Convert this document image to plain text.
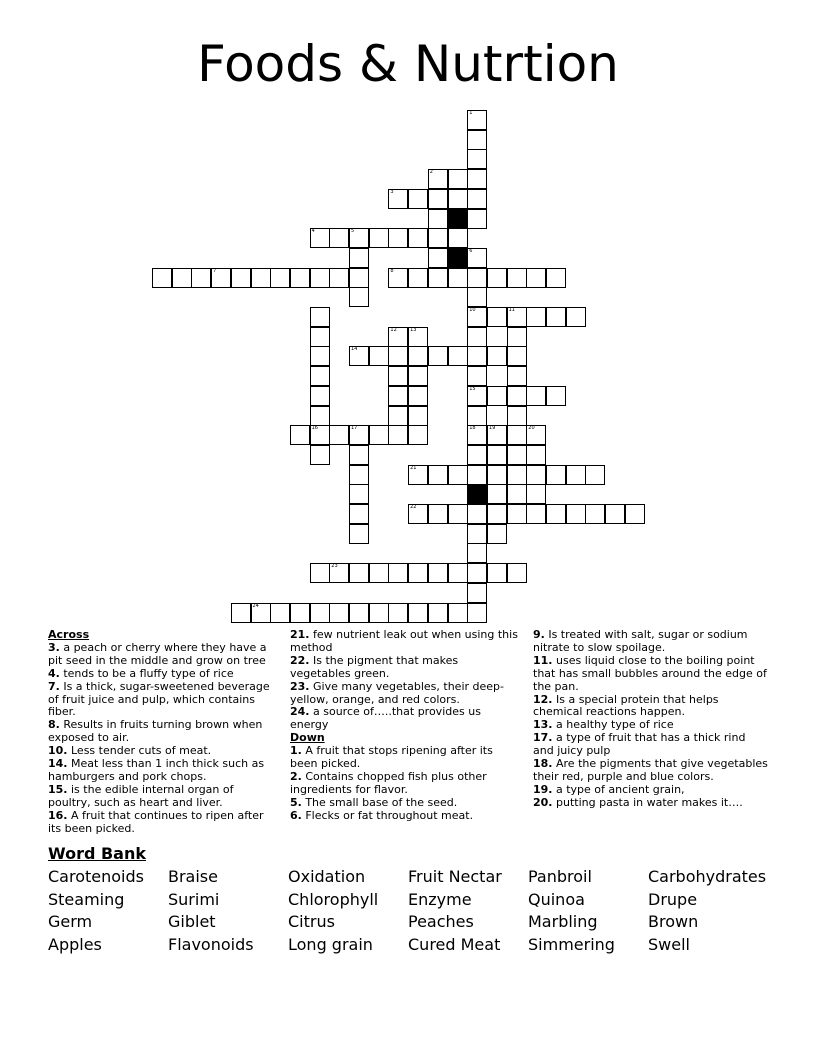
Foods & Nutrtion
1
2
3
4	5
6
7	8
10	11
12	13
14
15
16	17	18	19	20
21
22
23
24
Across
3. a peach or cherry where they have a pit seed in the middle and grow on tree
4. tends to be a fluffy type of rice
7. Is a thick, sugar-sweetened beverage of fruit juice and pulp, which contains fiber.
8. Results in fruits turning brown when exposed to air.
10. Less tender cuts of meat.
14. Meat less than 1 inch thick such as hamburgers and pork chops.
15. is the edible internal organ of poultry, such as heart and liver.
16. A fruit that continues to ripen after its been picked.
21. few nutrient leak out when using this method
22. Is the pigment that makes vegetables green.
23. Give many vegetables, their deep-yellow, orange, and red colors.
24. a source of…..that provides us energy
Down
1. A fruit that stops ripening after its been picked.
2. Contains chopped fish plus other ingredients for flavor.
5. The small base of the seed.
6. Flecks or fat throughout meat.
9. Is treated with salt, sugar or sodium nitrate to slow spoilage.
11. uses liquid close to the boiling point that has small bubbles around the edge of the pan.
12. Is a special protein that helps chemical reactions happen.
13. a healthy type of rice
17. a type of fruit that has a thick rind and juicy pulp
18. Are the pigments that give vegetables their red, purple and blue colors.
19. a type of ancient grain,
20. putting pasta in water makes it….
Word Bank
Carotenoids	Braise	Oxidation	Fruit Nectar	Panbroil	Carbohydrates
Steaming	Surimi	Chlorophyll	Enzyme	Quinoa	Drupe
Germ	Giblet	Citrus	Peaches	Marbling	Brown
Apples	Flavonoids	Long grain	Cured Meat	Simmering	Swell
